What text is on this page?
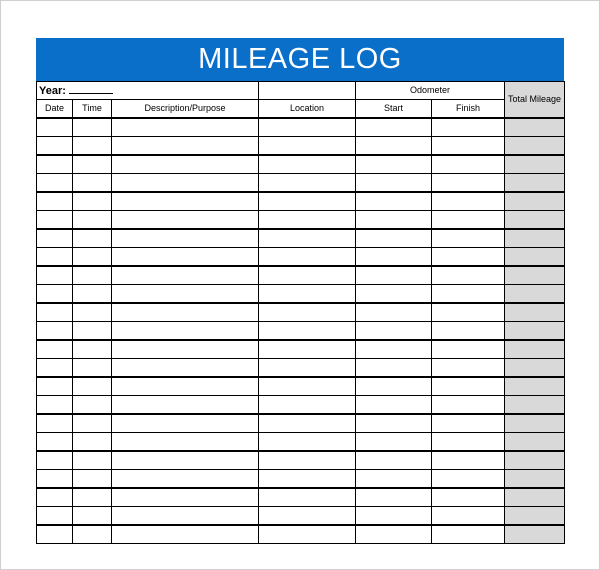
MILEAGE LOG
Year:				Odometer		Total Mileage
Date	Time	Description/Purpose	Location	Start	Finish	
